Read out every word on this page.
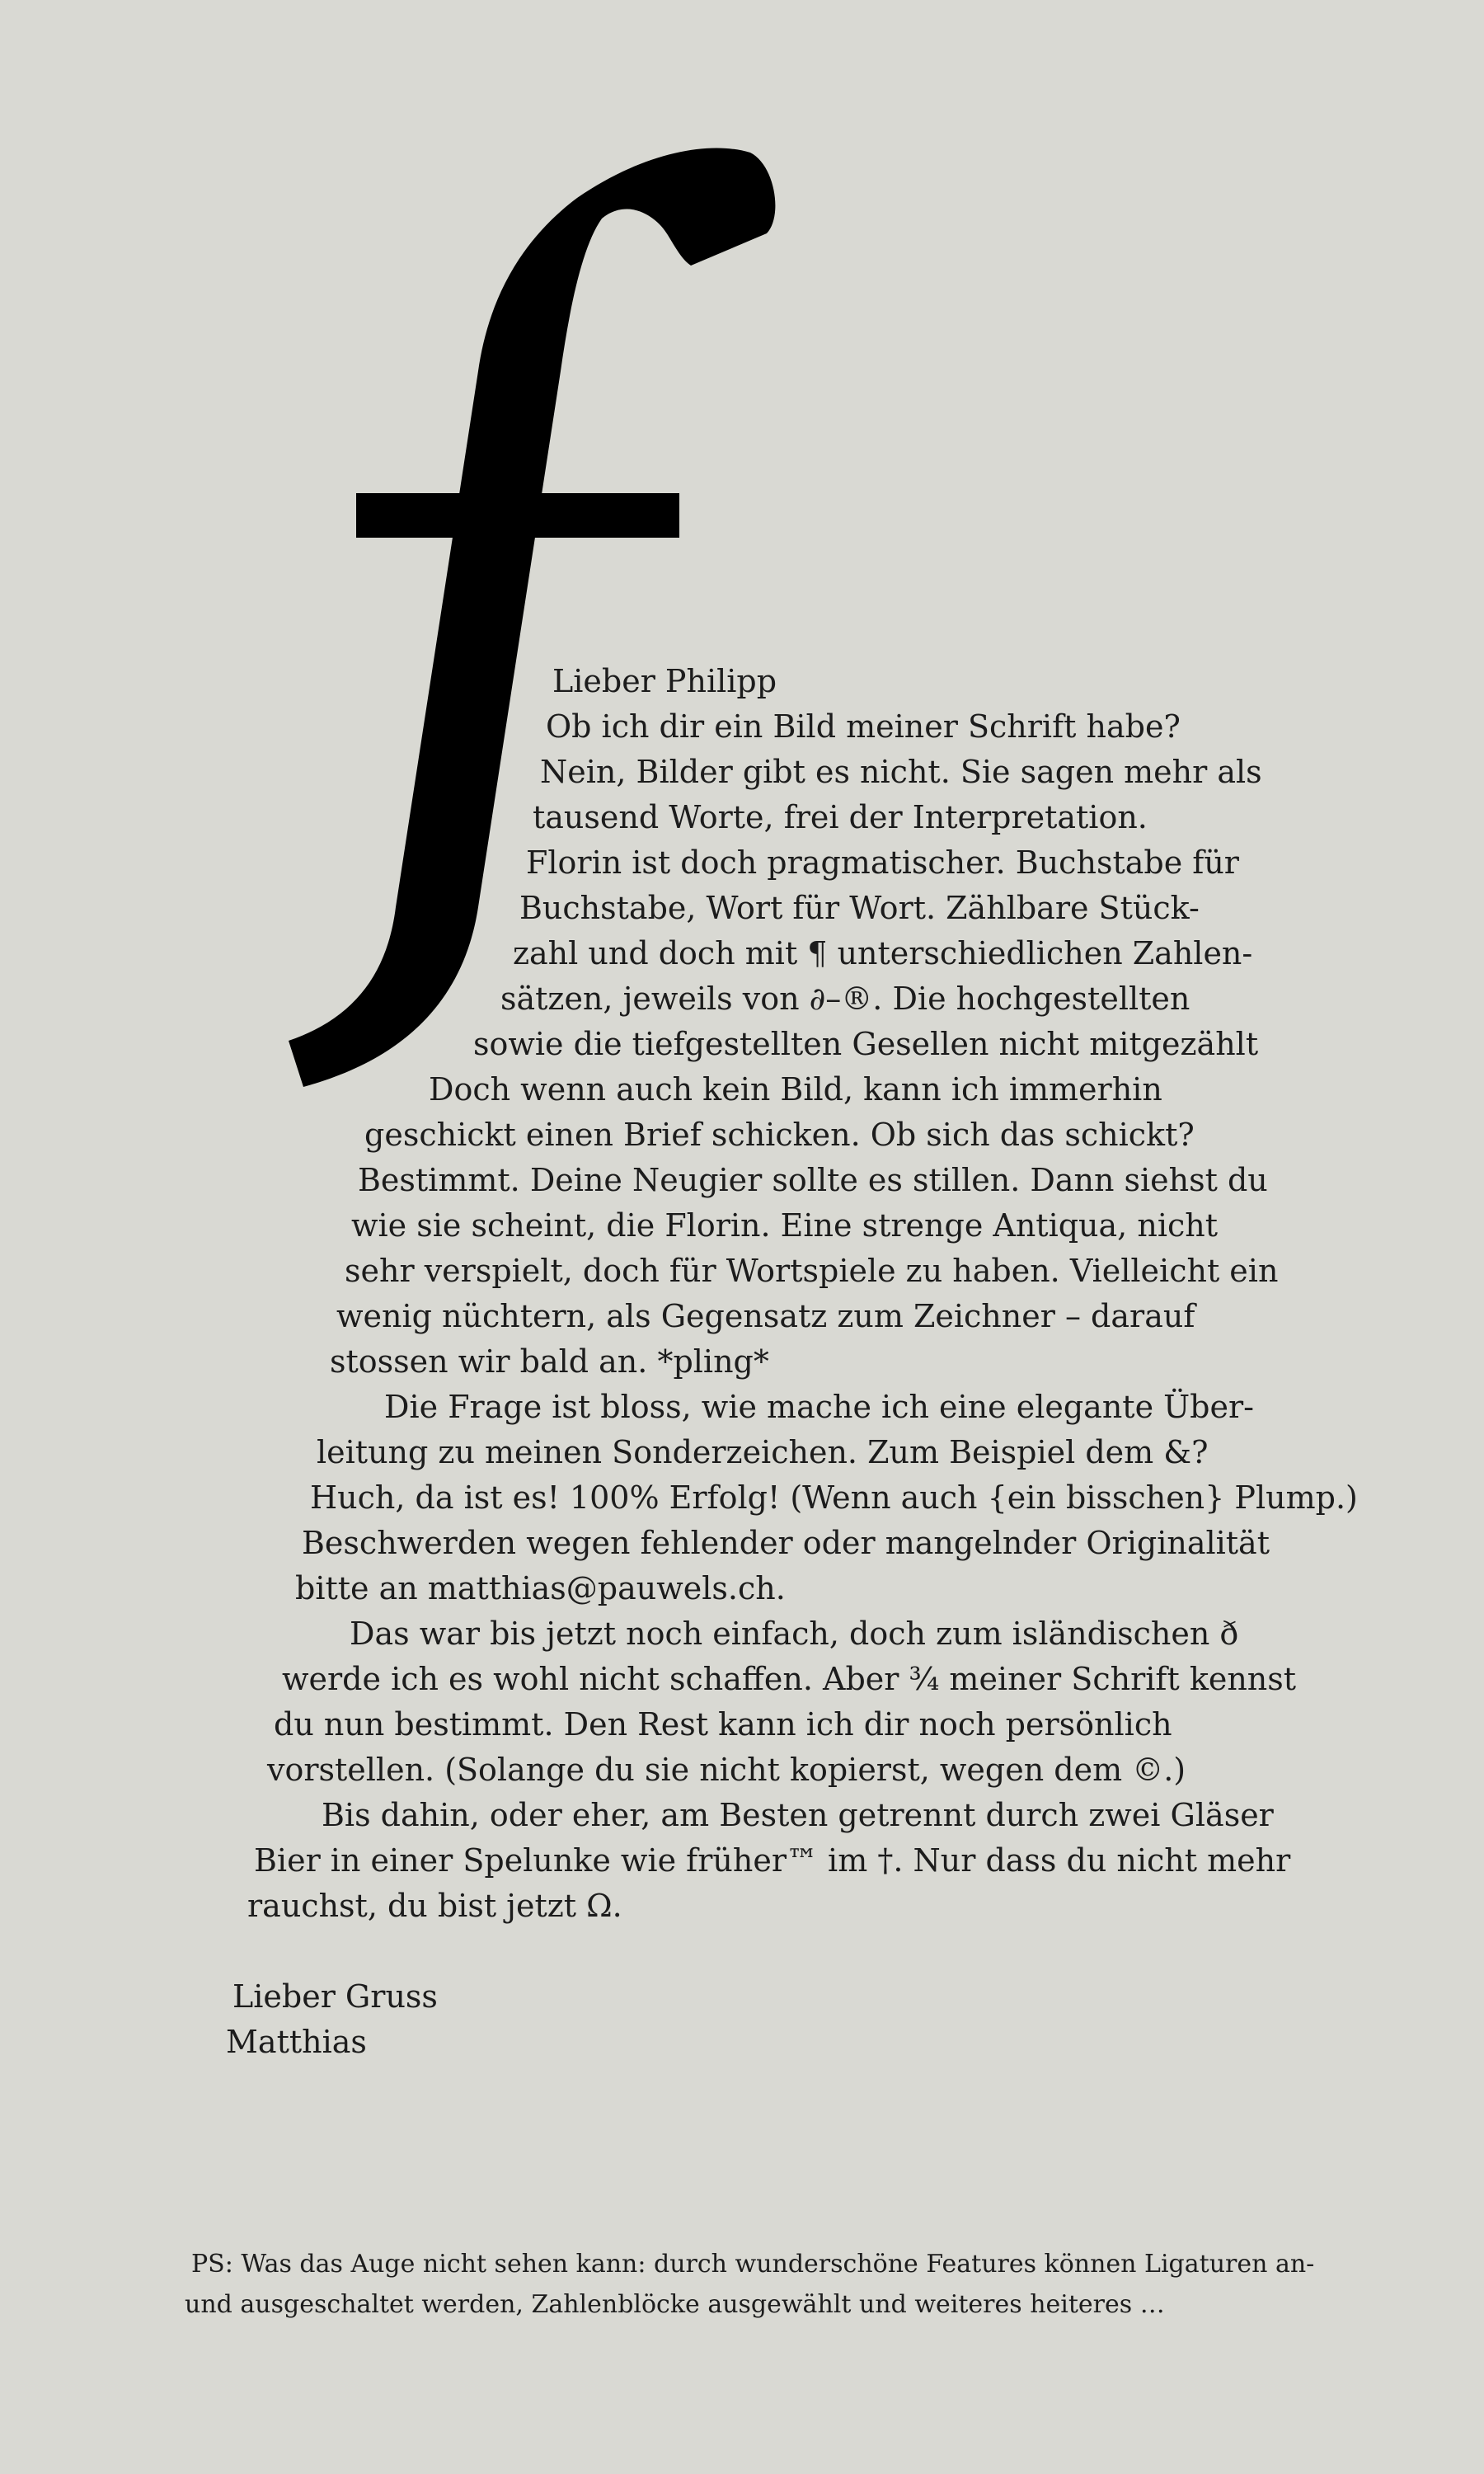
Lieber Philipp
Ob ich dir ein Bild meiner Schrift habe?
Nein, Bilder gibt es nicht. Sie sagen mehr als
tausend Worte, frei der Interpretation.
Florin ist doch pragmatischer. Buchstabe für
Buchstabe, Wort für Wort. Zählbare Stück-
zahl und doch mit ¶ unterschiedlichen Zahlen-
sätzen, jeweils von ∂–®. Die hochgestellten
sowie die tiefgestellten Gesellen nicht mitgezählt
Doch wenn auch kein Bild, kann ich immerhin
geschickt einen Brief schicken. Ob sich das schickt?
Bestimmt. Deine Neugier sollte es stillen. Dann siehst du
wie sie scheint, die Florin. Eine strenge Antiqua, nicht
sehr verspielt, doch für Wortspiele zu haben. Vielleicht ein
wenig nüchtern, als Gegensatz zum Zeichner – darauf
stossen wir bald an. *pling*
Die Frage ist bloss, wie mache ich eine elegante Über-
leitung zu meinen Sonderzeichen. Zum Beispiel dem &?
Huch, da ist es! 100% Erfolg! (Wenn auch {ein bisschen} Plump.)
Beschwerden wegen fehlender oder mangelnder Originalität
bitte an matthias@pauwels.ch.
Das war bis jetzt noch einfach, doch zum isländischen ð
werde ich es wohl nicht schaffen. Aber ¾ meiner Schrift kennst
du nun bestimmt. Den Rest kann ich dir noch persönlich
vorstellen. (Solange du sie nicht kopierst, wegen dem ©.)
Bis dahin, oder eher, am Besten getrennt durch zwei Gläser
Bier in einer Spelunke wie früher™ im †. Nur dass du nicht mehr
rauchst, du bist jetzt Ω.
Lieber Gruss
Matthias
PS: Was das Auge nicht sehen kann: durch wunderschöne Features können Ligaturen an-
und ausgeschaltet werden, Zahlenblöcke ausgewählt und weiteres heiteres …
